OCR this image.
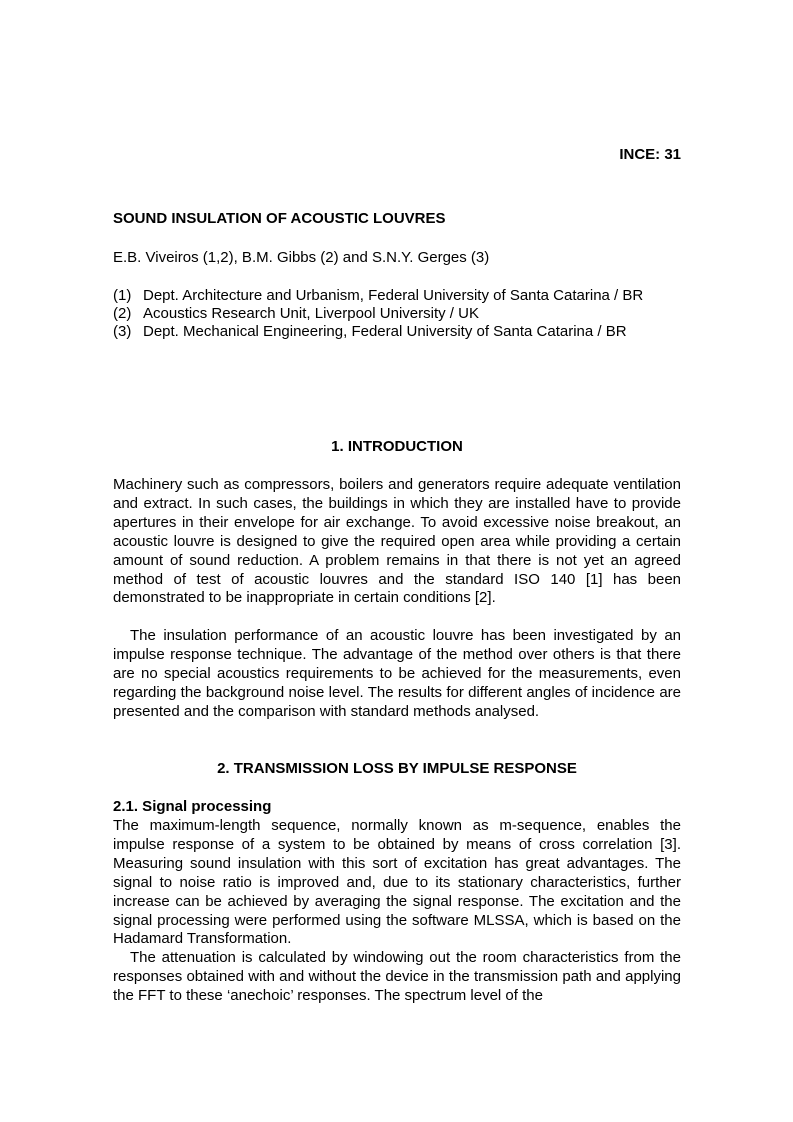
INCE: 31
SOUND INSULATION OF ACOUSTIC LOUVRES
E.B. Viveiros (1,2), B.M. Gibbs (2) and S.N.Y. Gerges (3)
(1) Dept. Architecture and Urbanism, Federal University of Santa Catarina / BR
(2) Acoustics Research Unit, Liverpool University / UK
(3) Dept. Mechanical Engineering, Federal University of Santa Catarina / BR
1. INTRODUCTION

Machinery such as compressors, boilers and generators require adequate ventilation and extract. In such cases, the buildings in which they are installed have to provide apertures in their envelope for air exchange. To avoid excessive noise breakout, an acoustic louvre is designed to give the required open area while providing a certain amount of sound reduction. A problem remains in that there is not yet an agreed method of test of acoustic louvres and the standard ISO 140 [1] has been demonstrated to be inappropriate in certain conditions [2].

The insulation performance of an acoustic louvre has been investigated by an impulse response technique. The advantage of the method over others is that there are no special acoustics requirements to be achieved for the measurements, even regarding the background noise level. The results for different angles of incidence are presented and the comparison with standard methods analysed.

2. TRANSMISSION LOSS BY IMPULSE RESPONSE
2.1. Signal processing

The maximum-length sequence, normally known as m-sequence, enables the impulse response of a system to be obtained by means of cross correlation [3]. Measuring sound insulation with this sort of excitation has great advantages. The signal to noise ratio is improved and, due to its stationary characteristics, further increase can be achieved by averaging the signal response. The excitation and the signal processing were performed using the software MLSSA, which is based on the Hadamard Transformation.

The attenuation is calculated by windowing out the room characteristics from the responses obtained with and without the device in the transmission path and applying the FFT to these ‘anechoic’ responses. The spectrum level of the
